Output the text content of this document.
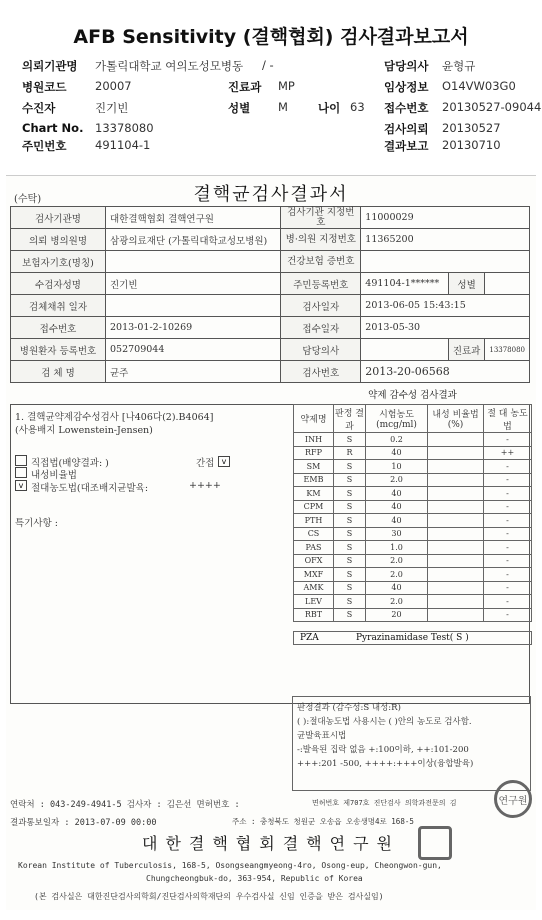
AFB Sensitivity (결핵협회) 검사결과보고서
의뢰기관명 가톨릭대학교 여의도성모병동 / -	담당의사 윤형규
병원코드 20007	진료과 MP	임상정보 O14VW03G0
수진자	진기빈	성별 M	나이 63 접수번호 20130527-09044
Chart No. 13378080	검사의뢰 20130527
주민번호 491104-1	결과보고 20130710
(수탁)	결핵균검사결과서
검사기관명	대한결핵협회 결핵연구원	검사기관 지정번호	11000029		
의뢰 병의원명	삼광의료재단 (가톨릭대학교성모병원)	병·의원 지정번호	11365200		
보험자기호(명칭)		건강보험 증번호			
수검자성명	진기빈	주민등록번호	491104-1******	성별	
검체채취 일자		검사일자	2013-06-05 15:43:15		
접수번호	2013-01-2-10269	접수일자	2013-05-30		
병원환자 등록번호	052709044	담당의사		진료과	13378080
검 체 명	균주	검사번호	2013-20-06568		
1. 결핵균약제감수성검사 [나406다(2).B4064]
(사용배지 Lowenstein-Jensen)
직접법(배양결과: )	간접 v
내성비율법
v 절대농도법(대조배지균발육:	++++
특기사항 :
약제 감수성 검사결과
약제명	판정 결과	시험농도 (mcg/ml)	내성 비율법(%)	절 대 농도법
INH	S	0.2		-
RFP	R	40		++
SM	S	10		-
EMB	S	2.0		-
KM	S	40		-
CPM	S	40		-
PTH	S	40		-
CS	S	30		-
PAS	S	1.0		-
OFX	S	2.0		-
MXF	S	2.0		-
AMK	S	40		-
LEV	S	2.0		-
RBT	S	20		-
PZA	Pyrazinamidase Test( S )
판정결과 (감수성:S 내성:R)
( ):절대농도법 사용시는 ( )안의 농도로 검사함.
균발육표시법
-:발육된 집락 없음 +:100이하, ++:101-200
+++:201 -500, ++++:+++이상(융합발육)
연락처 : 043-249-4941-5 검사자 : 김은선 면허번호 :	면허번호 제707호 진단검사 의학과전문의 김
결과통보일자 : 2013-07-09 00:00	주소 : 충청북도 청원군 오송읍 오송생명4로 168-5
대한결핵협회결핵연구원
Korean Institute of Tuberculosis, 168-5, Osongseangmyeong-4ro, Osong-eup, Cheongwon-gun,
Chungcheongbuk-do, 363-954, Republic of Korea
(본 검사실은 대한진단검사의학회/진단검사의학재단의 우수검사실 신임 인증을 받은 검사실임)
연구원
